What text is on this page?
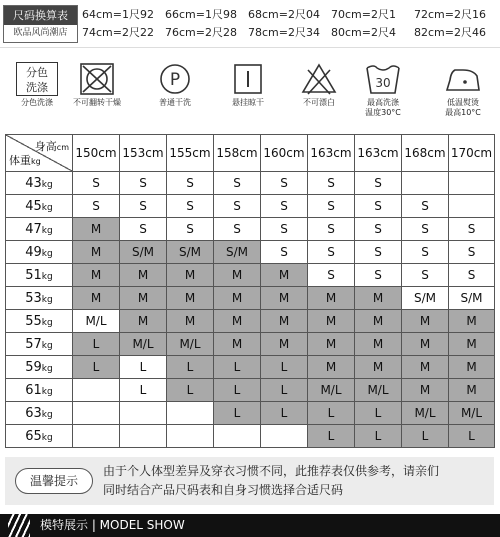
尺码换算表
欧品风尚潮店
64cm=1尺92	66cm=1尺98	68cm=2尺04	70cm=2尺1	72cm=2尺16
74cm=2尺22	76cm=2尺28	78cm=2尺34	80cm=2尺4	82cm=2尺46
分色
洗涤
分色洗涤	不可翻转干燥
P
普通干洗	悬挂晾干	不可漂白
30
最高洗涤
温度30°C
低温熨烫
最高10°C
身高cm
体重kg	150cm	153cm	155cm	158cm	160cm	163cm	163cm	168cm	170cm
43kg	S	S	S	S	S	S	S		
45kg	S	S	S	S	S	S	S	S	
47kg	M	S	S	S	S	S	S	S	S
49kg	M	S/M	S/M	S/M	S	S	S	S	S
51kg	M	M	M	M	M	S	S	S	S
53kg	M	M	M	M	M	M	M	S/M	S/M
55kg	M/L	M	M	M	M	M	M	M	M
57kg	L	M/L	M/L	M	M	M	M	M	M
59kg	L	L	L	L	L	M	M	M	M
61kg		L	L	L	L	M/L	M/L	M	M
63kg				L	L	L	L	M/L	M/L
65kg						L	L	L	L
温馨提示
由于个人体型差异及穿衣习惯不同，此推荐表仅供参考，请亲们
同时结合产品尺码表和自身习惯选择合适尺码
模特展示 | MODEL SHOW
